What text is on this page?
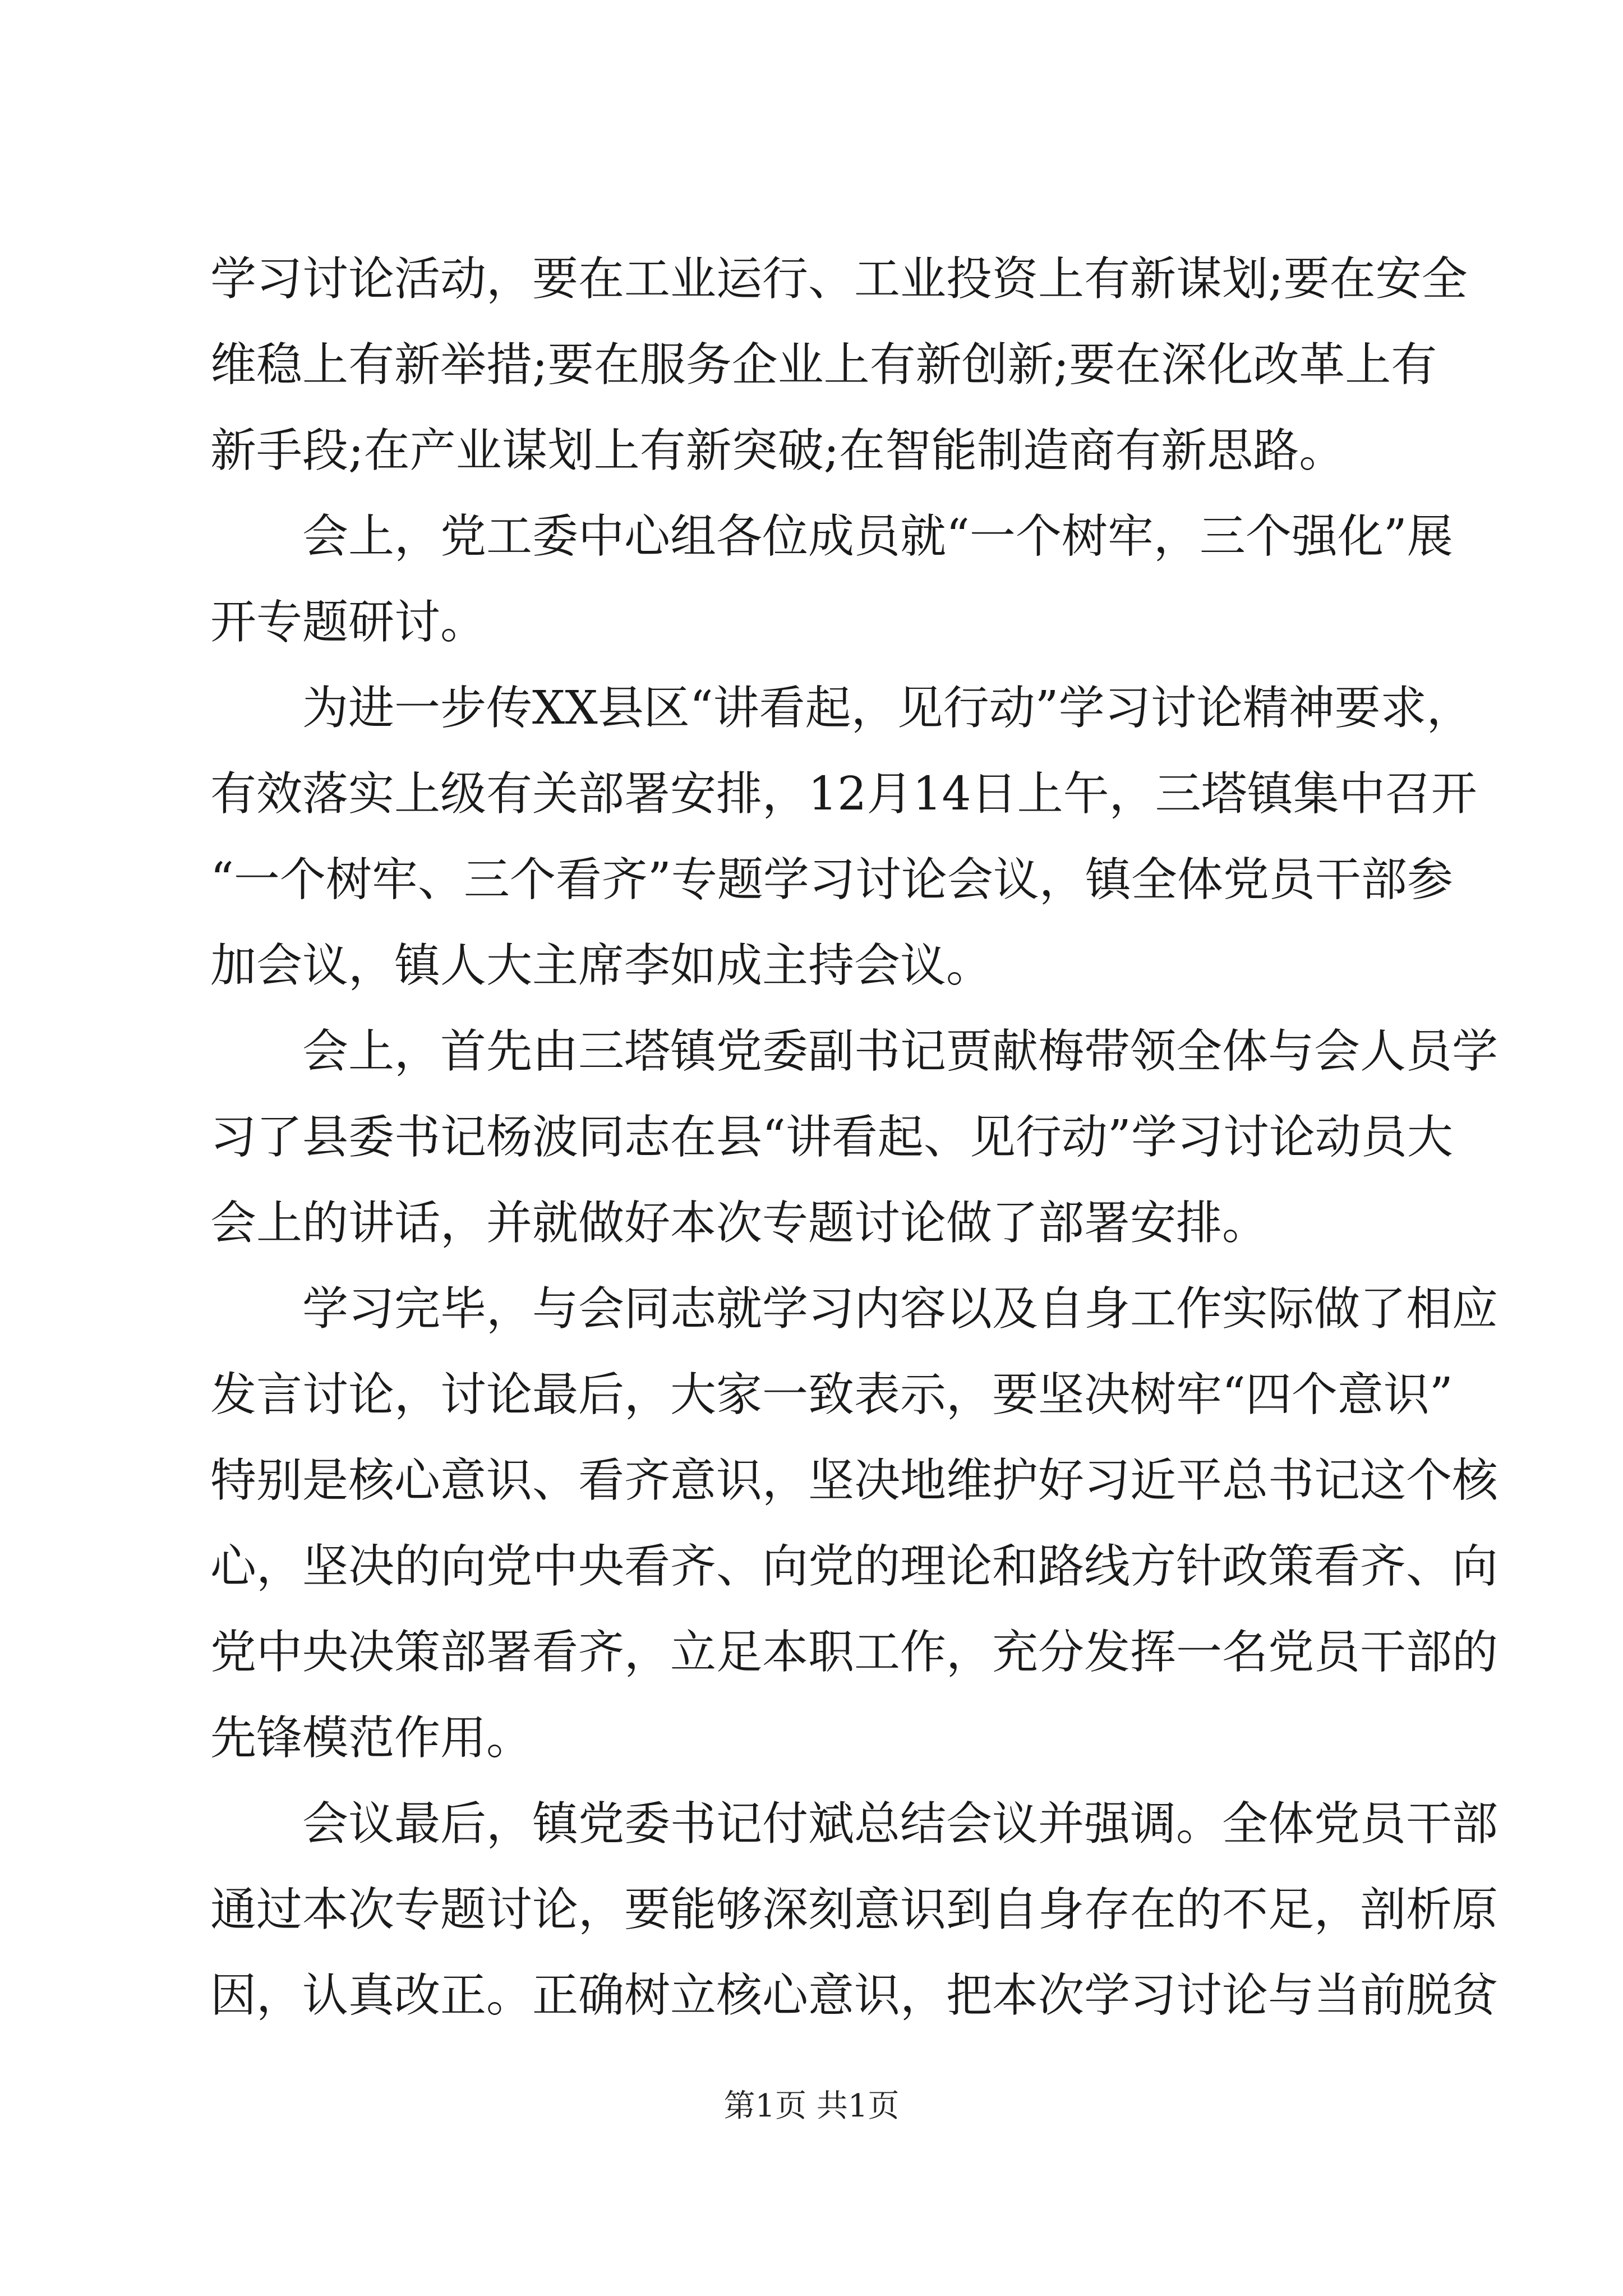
学习讨论活动，要在工业运行、工业投资上有新谋划;要在安全
维稳上有新举措;要在服务企业上有新创新;要在深化改革上有
新手段;在产业谋划上有新突破;在智能制造商有新思路。
　　会上，党工委中心组各位成员就“一个树牢，三个强化”展
开专题研讨。
　　为进一步传XX县区“讲看起，见行动”学习讨论精神要求，
有效落实上级有关部署安排，12月14日上午，三塔镇集中召开
“一个树牢、三个看齐”专题学习讨论会议，镇全体党员干部参
加会议，镇人大主席李如成主持会议。
　　会上，首先由三塔镇党委副书记贾献梅带领全体与会人员学
习了县委书记杨波同志在县“讲看起、见行动”学习讨论动员大
会上的讲话，并就做好本次专题讨论做了部署安排。
　　学习完毕，与会同志就学习内容以及自身工作实际做了相应
发言讨论，讨论最后，大家一致表示，要坚决树牢“四个意识”
特别是核心意识、看齐意识，坚决地维护好习近平总书记这个核
心，坚决的向党中央看齐、向党的理论和路线方针政策看齐、向
党中央决策部署看齐，立足本职工作，充分发挥一名党员干部的
先锋模范作用。
　　会议最后，镇党委书记付斌总结会议并强调。全体党员干部
通过本次专题讨论，要能够深刻意识到自身存在的不足，剖析原
因，认真改正。正确树立核心意识，把本次学习讨论与当前脱贫
第1页 共1页
